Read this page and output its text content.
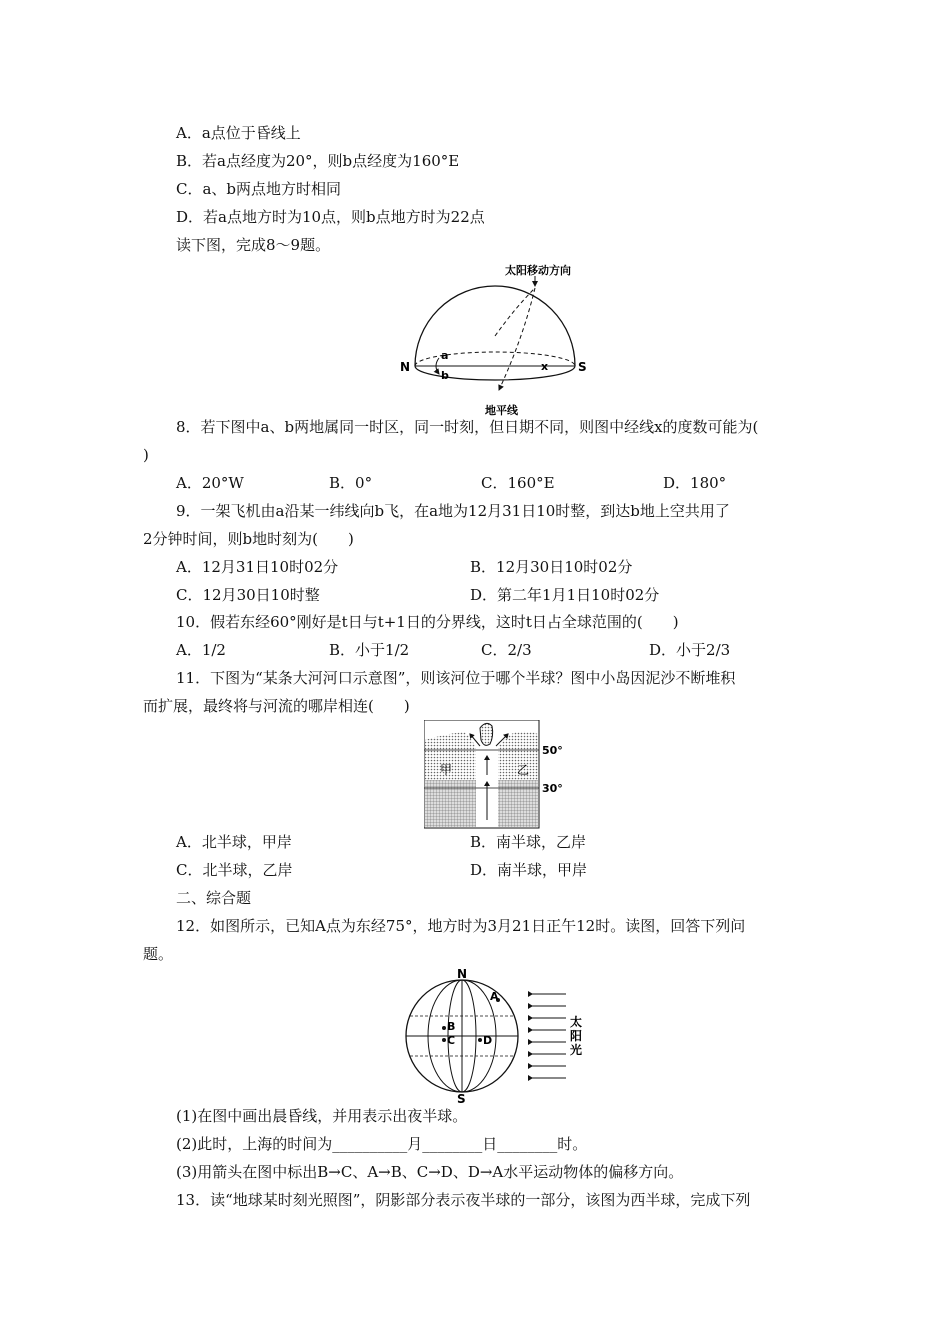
A．a点位于昏线上
B．若a点经度为20°，则b点经度为160°E
C．a、b两点地方时相同
D．若a点地方时为10点，则b点地方时为22点
读下图，完成8～9题。
太阳移动方向
N	S
a
b
x
地平线
8．若下图中a、b两地属同一时区，同一时刻，但日期不同，则图中经线x的度数可能为(
)
A．20°W	B．0°	C．160°E	D．180°
9．一架飞机由a沿某一纬线向b飞，在a地为12月31日10时整，到达b地上空共用了
2分钟时间，则b地时刻为(　　)
A．12月31日10时02分	B．12月30日10时02分
C．12月30日10时整	D．第二年1月1日10时02分
10．假若东经60°刚好是t日与t+1日的分界线，这时t日占全球范围的(　　)
A．1/2	B．小于1/2	C．2/3	D．小于2/3
11．下图为“某条大河河口示意图”，则该河位于哪个半球？图中小岛因泥沙不断堆积
而扩展，最终将与河流的哪岸相连(　　)
甲	乙
50°
30°
A．北半球，甲岸	B．南半球，乙岸
C．北半球，乙岸	D．南半球，甲岸
二、综合题
12．如图所示，已知A点为东经75°，地方时为3月21日正午12时。读图，回答下列问
题。
N
S
A
B
C	D
太
阳
光
(1)在图中画出晨昏线，并用表示出夜半球。
(2)此时，上海的时间为__________月________日________时。
(3)用箭头在图中标出B→C、A→B、C→D、D→A水平运动物体的偏移方向。
13．读“地球某时刻光照图”，阴影部分表示夜半球的一部分，该图为西半球，完成下列
